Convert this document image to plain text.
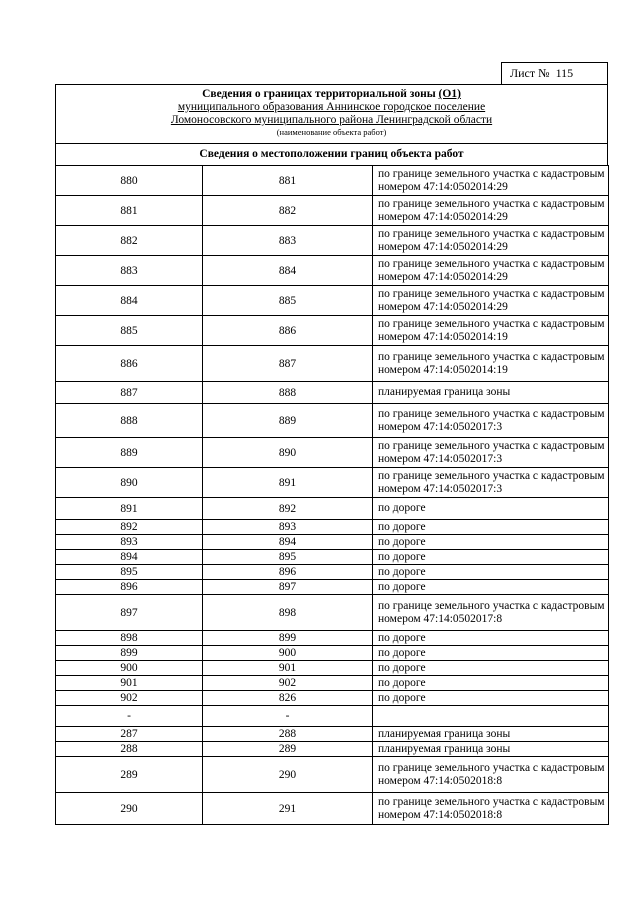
Лист № 115
Сведения о границах территориальной зоны (О1)
муниципального образования Аннинское городское поселение
Ломоносовского муниципального района Ленинградской области
(наименование объекта работ)
Сведения о местоположении границ объекта работ
880	881	по границе земельного участка с кадастровым номером 47:14:0502014:29
881	882	по границе земельного участка с кадастровым номером 47:14:0502014:29
882	883	по границе земельного участка с кадастровым номером 47:14:0502014:29
883	884	по границе земельного участка с кадастровым номером 47:14:0502014:29
884	885	по границе земельного участка с кадастровым номером 47:14:0502014:29
885	886	по границе земельного участка с кадастровым номером 47:14:0502014:19
886	887	по границе земельного участка с кадастровым номером 47:14:0502014:19
887	888	планируемая граница зоны
888	889	по границе земельного участка с кадастровым номером 47:14:0502017:3
889	890	по границе земельного участка с кадастровым номером 47:14:0502017:3
890	891	по границе земельного участка с кадастровым номером 47:14:0502017:3
891	892	по дороге
892	893	по дороге
893	894	по дороге
894	895	по дороге
895	896	по дороге
896	897	по дороге
897	898	по границе земельного участка с кадастровым номером 47:14:0502017:8
898	899	по дороге
899	900	по дороге
900	901	по дороге
901	902	по дороге
902	826	по дороге
-	-	
287	288	планируемая граница зоны
288	289	планируемая граница зоны
289	290	по границе земельного участка с кадастровым номером 47:14:0502018:8
290	291	по границе земельного участка с кадастровым номером 47:14:0502018:8
